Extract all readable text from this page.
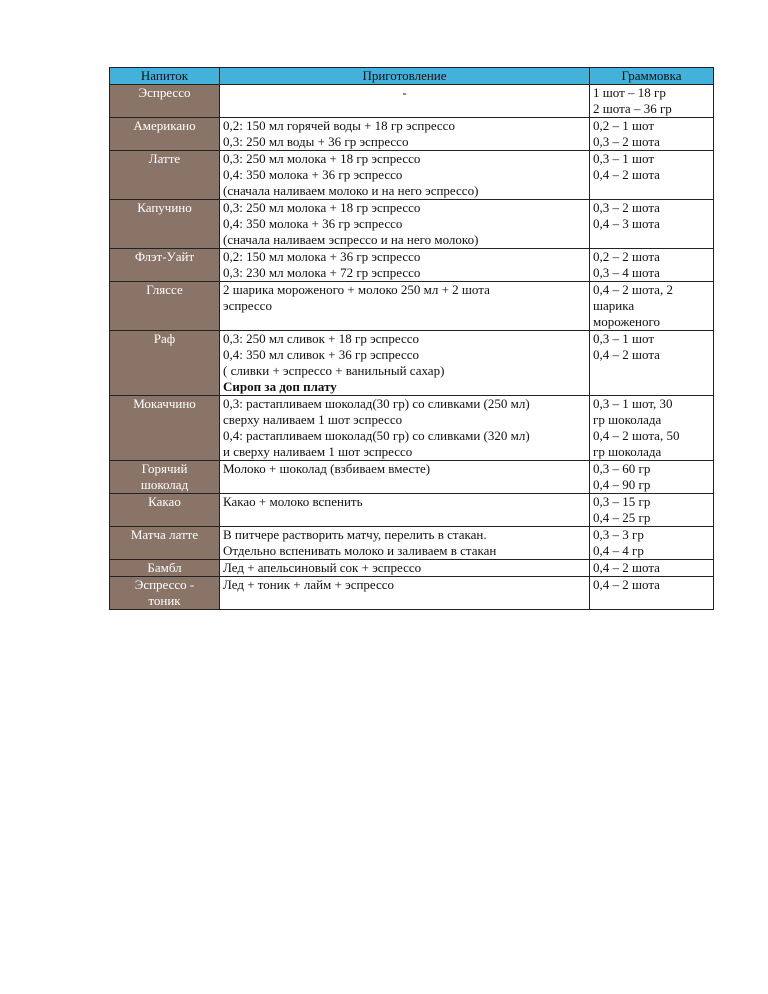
Напиток	Приготовление	Граммовка

Эспрессо	-	1 шот – 18 гр
2 шота – 36 гр

Американо	0,2: 150 мл горячей воды + 18 гр эспрессо
0,3: 250 мл воды + 36 гр эспрессо	0,2 – 1 шот
0,3 – 2 шота

Латте	0,3: 250 мл молока + 18 гр эспрессо
0,4: 350 молока + 36 гр эспрессо
(сначала наливаем молоко и на него эспрессо)	0,3 – 1 шот
0,4 – 2 шота

Капучино	0,3: 250 мл молока + 18 гр эспрессо
0,4: 350 молока + 36 гр эспрессо
(сначала наливаем эспрессо и на него молоко)	0,3 – 2 шота
0,4 – 3 шота

Флэт-Уайт	0,2: 150 мл молока + 36 гр эспрессо
0,3: 230 мл молока + 72 гр эспрессо	0,2 – 2 шота
0,3 – 4 шота

Гляссе	2 шарика мороженого + молоко 250 мл + 2 шота
эспрессо	0,4 – 2 шота, 2
шарика
мороженого

Раф	0,3: 250 мл сливок + 18 гр эспрессо
0,4: 350 мл сливок + 36 гр эспрессо
( сливки + эспрессо + ванильный сахар)
Сироп за доп плату	0,3 – 1 шот
0,4 – 2 шота

Мокаччино	0,3: растапливаем шоколад(30 гр) со сливками (250 мл)
сверху наливаем 1 шот эспрессо
0,4: растапливаем шоколад(50 гр) со сливками (320 мл)
и сверху наливаем 1 шот эспрессо	0,3 – 1 шот, 30
гр шоколада
0,4 – 2 шота, 50
гр шоколада

Горячий
шоколад	Молоко + шоколад (взбиваем вместе)	0,3 – 60 гр
0,4 – 90 гр

Какао	Какао + молоко вспенить	0,3 – 15 гр
0,4 – 25 гр

Матча латте	В питчере растворить матчу, перелить в стакан.
Отдельно вспенивать молоко и заливаем в стакан	0,3 – 3 гр
0,4 – 4 гр

Бамбл	Лед + апельсиновый сок + эспрессо	0,4 – 2 шота

Эспрессо -
тоник	Лед + тоник + лайм + эспрессо	0,4 – 2 шота
